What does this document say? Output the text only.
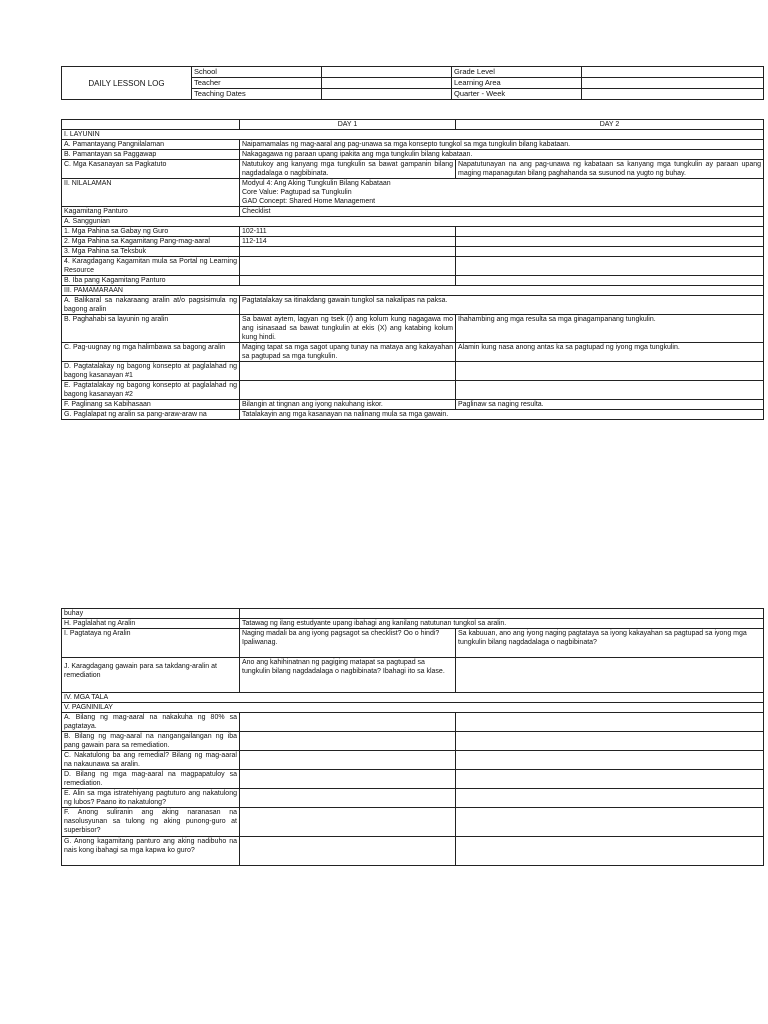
DAILY LESSON LOG	School		Grade Level	
	Teacher		Learning Area	
	Teaching Dates		Quarter - Week	
	DAY 1	DAY 2
I. LAYUNIN		
A. Pamantayang Pangnilalaman	Naipamamalas ng mag-aaral ang pag-unawa sa mga konsepto tungkol sa mga tungkulin bilang kabataan.	
B. Pamantayan sa Paggawap	Nakagagawa ng paraan upang ipakita ang mga tungkulin bilang kabataan.	
C. Mga Kasanayan sa Pagkatuto	Natutukoy ang kanyang mga tungkulin sa bawat gampanin bilang nagdadalaga o nagbibinata.	Napatutunayan na ang pag-unawa ng kabataan sa kanyang mga tungkulin ay paraan upang maging mapanagutan bilang paghahanda sa susunod na yugto ng buhay.
II. NILALAMAN	Modyul 4: Ang Aking Tungkulin Bilang Kabataan
Core Value: Pagtupad sa Tungkulin
GAD Concept: Shared Home Management	

Kagamitang Panturo	Checklist	
A. Sanggunian		
1. Mga Pahina sa Gabay ng Guro	102-111	
2. Mga Pahina sa Kagamitang Pang-mag-aaral	112-114	
3. Mga Pahina sa Teksbuk		
4. Karagdagang Kagamitan mula sa Portal ng Learning Resource		
B. Iba pang Kagamitang Panturo		
III. PAMAMARAAN		
A. Balikaral sa nakaraang aralin at/o pagsisimula ng bagong aralin	Pagtatalakay sa itinakdang gawain tungkol sa nakalipas na paksa.	
B. Paghahabi sa layunin ng aralin	Sa bawat aytem, lagyan ng tsek (/) ang kolum kung nagagawa mo ang isinasaad sa bawat tungkulin at ekis (X) ang katabing kolum kung hindi.	Ihahambing ang mga resulta sa mga ginagampanang tungkulin.
C. Pag-uugnay ng mga halimbawa sa bagong aralin	Maging tapat sa mga sagot upang tunay na mataya ang kakayahan sa pagtupad sa mga tungkulin.	Alamin kung nasa anong antas ka sa pagtupad ng iyong mga tungkulin.
D. Pagtatalakay ng bagong konsepto at paglalahad ng bagong kasanayan #1		
E. Pagtatalakay ng bagong konsepto at paglalahad ng bagong kasanayan #2		
F. Paglinang sa Kabihasaan	Bilangin at tingnan ang iyong nakuhang iskor.	Paglinaw sa naging resulta.
G. Paglalapat ng aralin sa pang-araw-araw na	Tatalakayin ang mga kasanayan na nalinang mula sa mga gawain.	
buhay		
H. Paglalahat ng Aralin	Tatawag ng ilang estudyante upang ibahagi ang kanilang natutunan tungkol sa aralin.	
I. Pagtataya ng Aralin	Naging madali ba ang iyong pagsagot sa checklist? Oo o hindi? Ipaliwanag.	Sa kabuuan, ano ang iyong naging pagtataya sa iyong kakayahan sa pagtupad sa iyong mga tungkulin bilang nagdadalaga o nagbibinata?
J. Karagdagang gawain para sa takdang-aralin at remediation	Ano ang kahihinatnan ng pagiging matapat sa pagtupad sa tungkulin bilang nagdadalaga o nagbibinata? Ibahagi ito sa klase.	
IV. MGA TALA		
V. PAGNINILAY		
A. Bilang ng mag-aaral na nakakuha ng 80% sa pagtataya.		
B. Bilang ng mag-aaral na nangangailangan ng iba pang gawain para sa remediation.		
C. Nakatulong ba ang remedial? Bilang ng mag-aaral na nakaunawa sa aralin.		
D. Bilang ng mga mag-aaral na magpapatuloy sa remediation.		
E. Alin sa mga istratehiyang pagtuturo ang nakatulong ng lubos? Paano ito nakatulong?		
F. Anong suliranin ang aking naranasan na nasolusyunan sa tulong ng aking punong-guro at superbisor?		
G. Anong kagamitang panturo ang aking nadibuho na nais kong ibahagi sa mga kapwa ko guro?		
